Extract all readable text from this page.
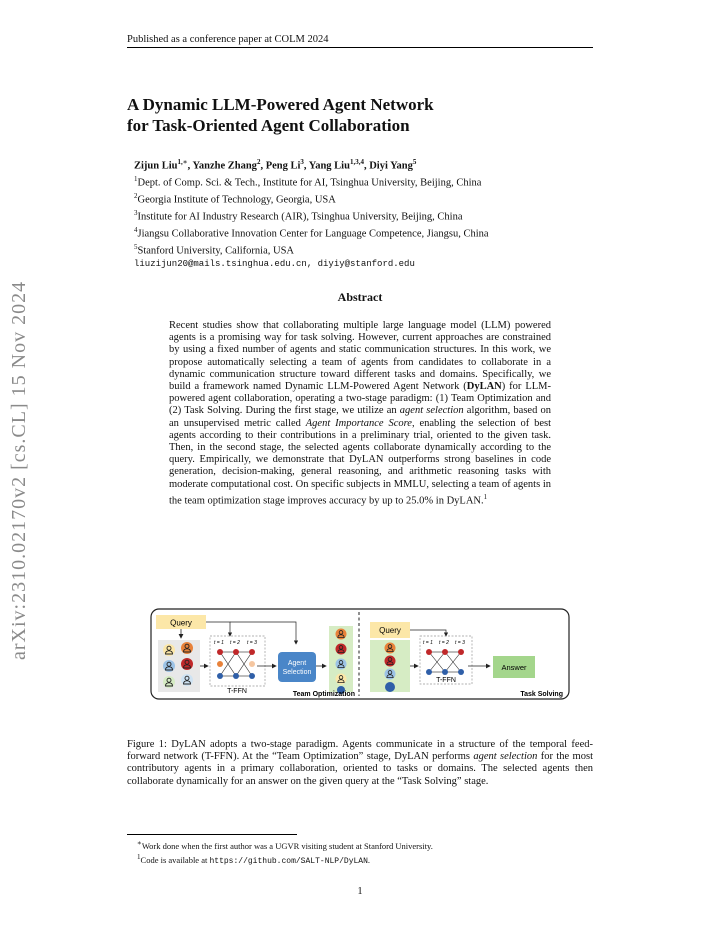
Published as a conference paper at COLM 2024
A Dynamic LLM-Powered Agent Network
for Task-Oriented Agent Collaboration
Zijun Liu$^{1,∗}$, Yanzhe Zhang$^2$, Peng Li$^3$, Yang Liu$^{1,3,4}$, Diyi Yang$^5$
$^1$Dept. of Comp. Sci. & Tech., Institute for AI, Tsinghua University, Beijing, China
$^2$Georgia Institute of Technology, Georgia, USA
$^3$Institute for AI Industry Research (AIR), Tsinghua University, Beijing, China
$^4$Jiangsu Collaborative Innovation Center for Language Competence, Jiangsu, China
$^5$Stanford University, California, USA
liuzijun20@mails.tsinghua.edu.cn, diyiy@stanford.edu
arXiv:2310.02170v2 [cs.CL] 15 Nov 2024	Abstract
Recent studies show that collaborating multiple large language model (LLM) powered agents is a promising way for task solving. However, current approaches are constrained by using a fixed number of agents and static communication structures. In this work, we propose automatically selecting a team of agents from candidates to collaborate in a dynamic communication structure toward different tasks and domains. Specifically, we build a framework named Dynamic LLM-Powered Agent Network (DyLAN) for LLM-powered agent collaboration, operating a two-stage paradigm: (1) Team Optimization and (2) Task Solving. During the first stage, we utilize an agent selection algorithm, based on an unsupervised metric called Agent Importance Score, enabling the selection of best agents according to their contributions in a preliminary trial, oriented to the given task. Then, in the second stage, the selected agents collaborate dynamically according to the query. Empirically, we demonstrate that DyLAN outperforms strong baselines in code generation, decision-making, general reasoning, and arithmetic reasoning tasks with moderate computational cost. On specific subjects in MMLU, selecting a team of agents in the team optimization stage improves accuracy by up to 25.0% in DyLAN.$^1$
Query
t = 1 t = 2 t = 3
T-FFN
Agent
Selection
Team Optimization
Query
t = 1 t = 2 t = 3
T-FFN
Answer
Task Solving
Figure 1: DyLAN adopts a two-stage paradigm. Agents communicate in a structure of the temporal feed-forward network (T-FFN). At the “Team Optimization” stage, DyLAN performs agent selection for the most contributory agents in a primary collaboration, oriented to tasks or domains. The selected agents then collaborate dynamically for an answer on the given query at the “Task Solving” stage.
∗Work done when the first author was a UGVR visiting student at Stanford University.
$^1$Code is available at https://github.com/SALT-NLP/DyLAN.
1
